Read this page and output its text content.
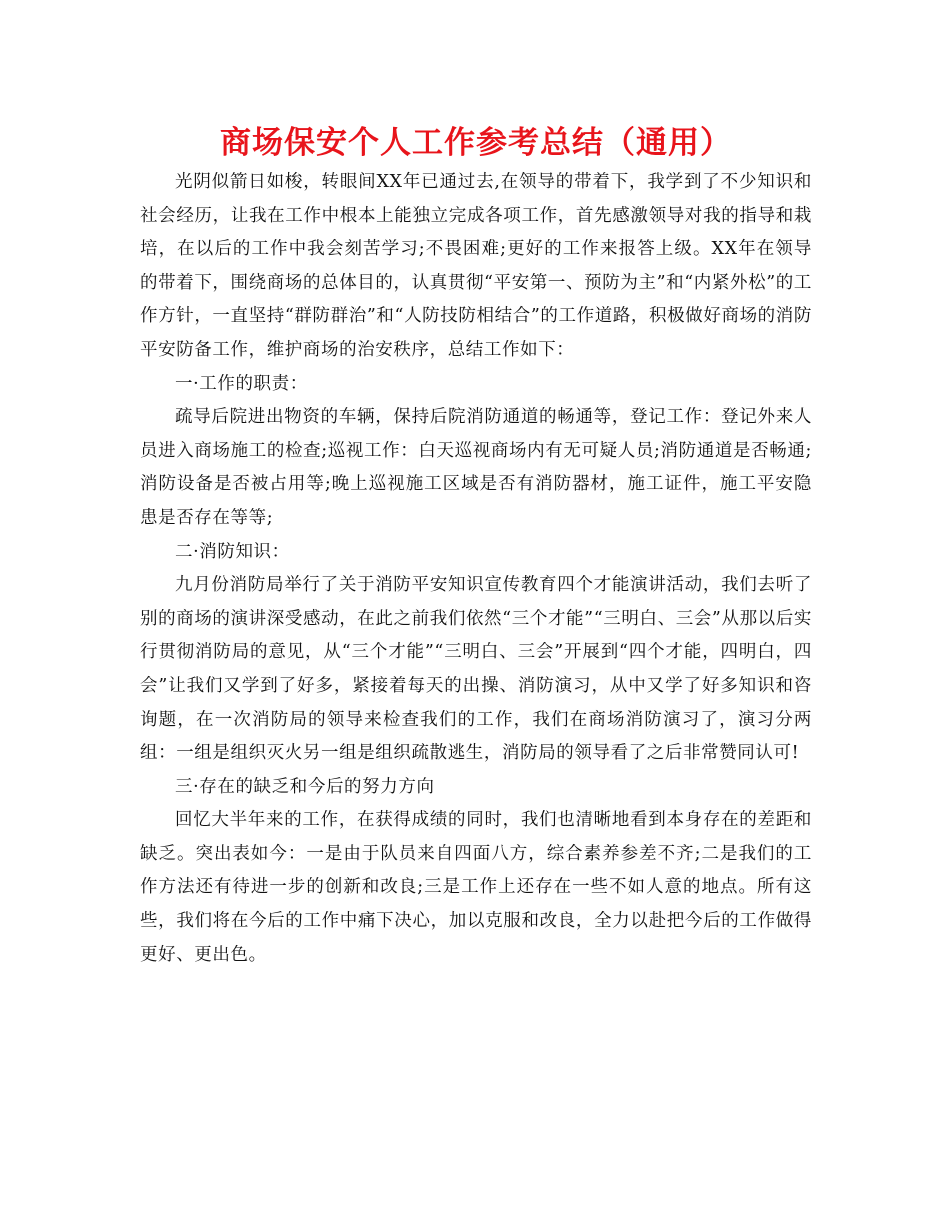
商场保安个人工作参考总结（通用）

光阴似箭日如梭，转眼间XX年已通过去,在领导的带着下，我学到了不少知识和社会经历，让我在工作中根本上能独立完成各项工作，首先感激领导对我的指导和栽培，在以后的工作中我会刻苦学习;不畏困难;更好的工作来报答上级。XX年在领导的带着下，围绕商场的总体目的，认真贯彻“平安第一、预防为主”和“内紧外松”的工作方针，一直坚持“群防群治”和“人防技防相结合”的工作道路，积极做好商场的消防平安防备工作，维护商场的治安秩序，总结工作如下：

一·工作的职责：

疏导后院进出物资的车辆，保持后院消防通道的畅通等，登记工作：登记外来人员进入商场施工的检查;巡视工作：白天巡视商场内有无可疑人员;消防通道是否畅通;消防设备是否被占用等;晚上巡视施工区域是否有消防器材，施工证件，施工平安隐患是否存在等等;

二·消防知识：

九月份消防局举行了关于消防平安知识宣传教育四个才能演讲活动，我们去听了别的商场的演讲深受感动，在此之前我们依然“三个才能”“三明白、三会”从那以后实行贯彻消防局的意见，从“三个才能”“三明白、三会”开展到“四个才能，四明白，四会”让我们又学到了好多，紧接着每天的出操、消防演习，从中又学了好多知识和咨询题，在一次消防局的领导来检查我们的工作，我们在商场消防演习了，演习分两组：一组是组织灭火另一组是组织疏散逃生，消防局的领导看了之后非常赞同认可!

三·存在的缺乏和今后的努力方向

回忆大半年来的工作，在获得成绩的同时，我们也清晰地看到本身存在的差距和缺乏。突出表如今：一是由于队员来自四面八方，综合素养参差不齐;二是我们的工作方法还有待进一步的创新和改良;三是工作上还存在一些不如人意的地点。所有这些，我们将在今后的工作中痛下决心，加以克服和改良，全力以赴把今后的工作做得更好、更出色。
